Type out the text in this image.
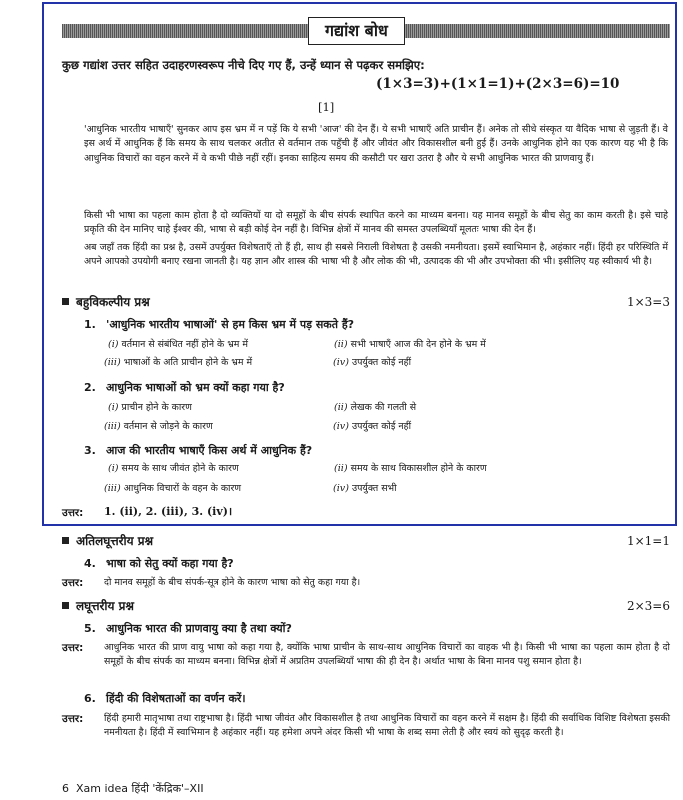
गद्यांश बोध
कुछ गद्यांश उत्तर सहित उदाहरणस्वरूप नीचे दिए गए हैं, उन्हें ध्यान से पढ़कर समझिए:
(1×3=3)+(1×1=1)+(2×3=6)=10
[1]

'आधुनिक भारतीय भाषाएँ' सुनकर आप इस भ्रम में न पड़ें कि ये सभी 'आज' की देन हैं। ये सभी भाषाएँ अति प्राचीन हैं। अनेक तो सीधे संस्कृत या वैदिक भाषा से जुड़ती हैं। वे इस अर्थ में आधुनिक हैं कि समय के साथ चलकर अतीत से वर्तमान तक पहुँची हैं और जीवंत और विकासशील बनी हुई हैं। उनके आधुनिक होने का एक कारण यह भी है कि आधुनिक विचारों का वहन करने में वे कभी पीछे नहीं रहीं। इनका साहित्य समय की कसौटी पर खरा उतरा है और ये सभी आधुनिक भारत की प्राणवायु हैं।

किसी भी भाषा का पहला काम होता है दो व्यक्तियों या दो समूहों के बीच संपर्क स्थापित करने का माध्यम बनना। यह मानव समूहों के बीच सेतु का काम करती है। इसे चाहे प्रकृति की देन मानिए चाहे ईश्वर की, भाषा से बड़ी कोई देन नहीं है। विभिन्न क्षेत्रों में मानव की समस्त उपलब्धियाँ मूलतः भाषा की देन हैं।

अब जहाँ तक हिंदी का प्रश्न है, उसमें उपर्युक्त विशेषताएँ तो हैं ही, साथ ही सबसे निराली विशेषता है उसकी नमनीयता। इसमें स्वाभिमान है, अहंकार नहीं। हिंदी हर परिस्थिति में अपने आपको उपयोगी बनाए रखना जानती है। यह ज्ञान और शास्त्र की भाषा भी है और लोक की भी, उत्पादक की भी और उपभोक्ता की भी। इसीलिए यह स्वीकार्य भी है।

बहुविकल्पीय प्रश्न	1×3=3
1. 'आधुनिक भारतीय भाषाओं' से हम किस भ्रम में पड़ सकते हैं?
(i) वर्तमान से संबंधित नहीं होने के भ्रम में	(ii) सभी भाषाएँ आज की देन होने के भ्रम में
(iii) भाषाओं के अति प्राचीन होने के भ्रम में	(iv) उपर्युक्त कोई नहीं
2. आधुनिक भाषाओं को भ्रम क्यों कहा गया है?
(i) प्राचीन होने के कारण	(ii) लेखक की गलती से
(iii) वर्तमान से जोड़ने के कारण	(iv) उपर्युक्त कोई नहीं
3. आज की भारतीय भाषाएँ किस अर्थ में आधुनिक हैं?
(i) समय के साथ जीवंत होने के कारण	(ii) समय के साथ विकासशील होने के कारण
(iii) आधुनिक विचारों के वहन के कारण	(iv) उपर्युक्त सभी
उत्तर: 1. (ii), 2. (iii), 3. (iv)।
अतिलघूत्तरीय प्रश्न	1×1=1
4. भाषा को सेतु क्यों कहा गया है?
उत्तर: दो मानव समूहों के बीच संपर्क-सूत्र होने के कारण भाषा को सेतु कहा गया है।
लघूत्तरीय प्रश्न	2×3=6
5. आधुनिक भारत की प्राणवायु क्या है तथा क्यों?
उत्तर: आधुनिक भारत की प्राण वायु भाषा को कहा गया है, क्योंकि भाषा प्राचीन के साथ-साथ आधुनिक विचारों का वाहक भी है। किसी भी भाषा का पहला काम होता है दो समूहों के बीच संपर्क का माध्यम बनना। विभिन्न क्षेत्रों में अप्रतिम उपलब्धियाँ भाषा की ही देन है। अर्थात भाषा के बिना मानव पशु समान होता है।
6. हिंदी की विशेषताओं का वर्णन करें।
उत्तर: हिंदी हमारी मातृभाषा तथा राष्ट्रभाषा है। हिंदी भाषा जीवंत और विकासशील है तथा आधुनिक विचारों का वहन करने में सक्षम है। हिंदी की सर्वाधिक विशिष्ट विशेषता इसकी नमनीयता है। हिंदी में स्वाभिमान है अहंकार नहीं। यह हमेशा अपने अंदर किसी भी भाषा के शब्द समा लेती है और स्वयं को सुदृढ़ करती है।
6 Xam idea हिंदी 'केंद्रिक'–XII
